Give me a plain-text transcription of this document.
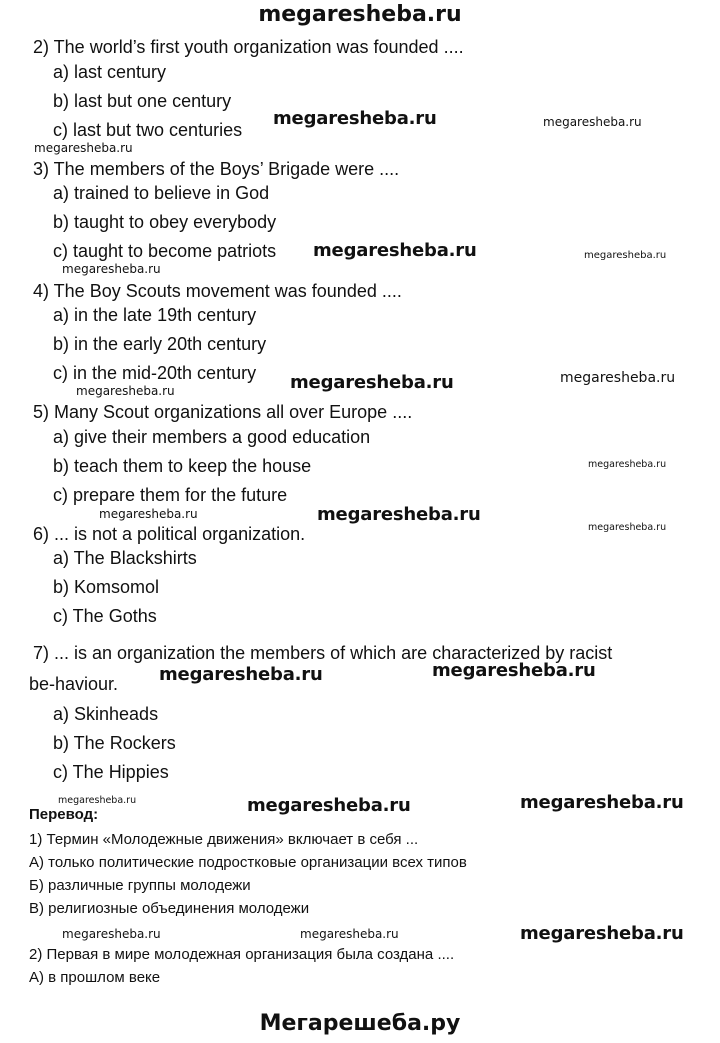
megaresheba.ru
2) The world’s first youth organization was founded ....
a) last century
b) last but one century
c) last but two centuries
3) The members of the Boys’ Brigade were ....
a) trained to believe in God
b) taught to obey everybody
c) taught to become patriots
4) The Boy Scouts movement was founded ....
a) in the late 19th century
b) in the early 20th century
c) in the mid-20th century
5) Many Scout organizations all over Europe ....
a) give their members a good education
b) teach them to keep the house
c) prepare them for the future
6) ... is not a political organization.
a) The Blackshirts
b) Komsomol
c) The Goths
7) ... is an organization the members of which are characterized by racist
be-haviour.
a) Skinheads
b) The Rockers
c) The Hippies
Перевод:
1) Термин «Молодежные движения» включает в себя ...
А) только политические подростковые организации всех типов
Б) различные группы молодежи
В) религиозные объединения молодежи
2) Первая в мире молодежная организация была создана ....
А) в прошлом веке
megaresheba.ru	megaresheba.ru
megaresheba.ru
megaresheba.ru	megaresheba.ru
megaresheba.ru
megaresheba.ru	megaresheba.ru
megaresheba.ru
megaresheba.ru
megaresheba.ru	megaresheba.ru
megaresheba.ru
megaresheba.ru	megaresheba.ru
megaresheba.ru	megaresheba.ru	megaresheba.ru
megaresheba.ru	megaresheba.ru	megaresheba.ru
Мегарешеба.ру
